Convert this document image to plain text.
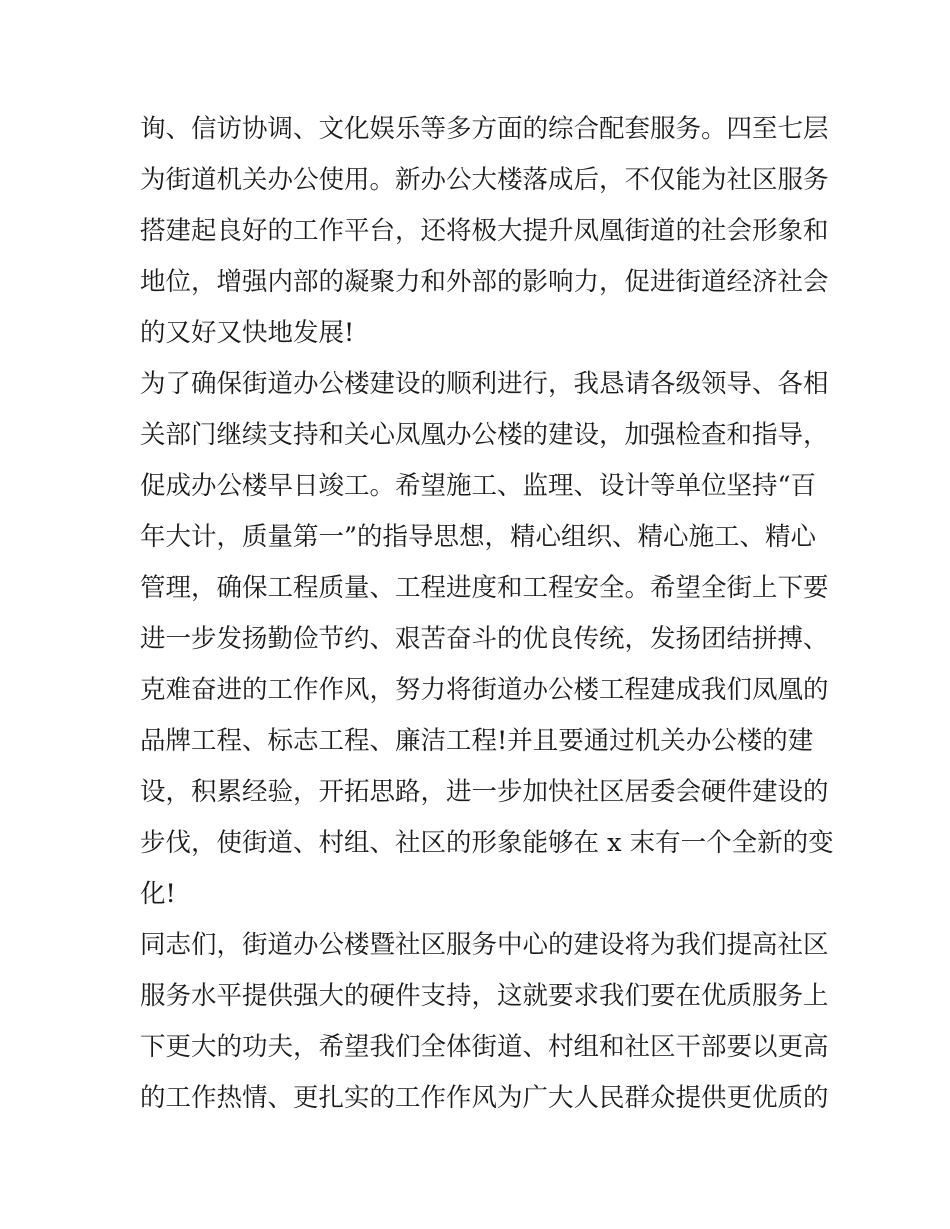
询、信访协调、文化娱乐等多方面的综合配套服务。四至七层
为街道机关办公使用。新办公大楼落成后，不仅能为社区服务
搭建起良好的工作平台，还将极大提升凤凰街道的社会形象和
地位，增强内部的凝聚力和外部的影响力，促进街道经济社会
的又好又快地发展!
为了确保街道办公楼建设的顺利进行，我恳请各级领导、各相
关部门继续支持和关心凤凰办公楼的建设，加强检查和指导，
促成办公楼早日竣工。希望施工、监理、设计等单位坚持“百
年大计，质量第一”的指导思想，精心组织、精心施工、精心
管理，确保工程质量、工程进度和工程安全。希望全街上下要
进一步发扬勤俭节约、艰苦奋斗的优良传统，发扬团结拼搏、
克难奋进的工作作风，努力将街道办公楼工程建成我们凤凰的
品牌工程、标志工程、廉洁工程!并且要通过机关办公楼的建
设，积累经验，开拓思路，进一步加快社区居委会硬件建设的
步伐，使街道、村组、社区的形象能够在 x 末有一个全新的变
化!
同志们，街道办公楼暨社区服务中心的建设将为我们提高社区
服务水平提供强大的硬件支持，这就要求我们要在优质服务上
下更大的功夫，希望我们全体街道、村组和社区干部要以更高
的工作热情、更扎实的工作作风为广大人民群众提供更优质的
